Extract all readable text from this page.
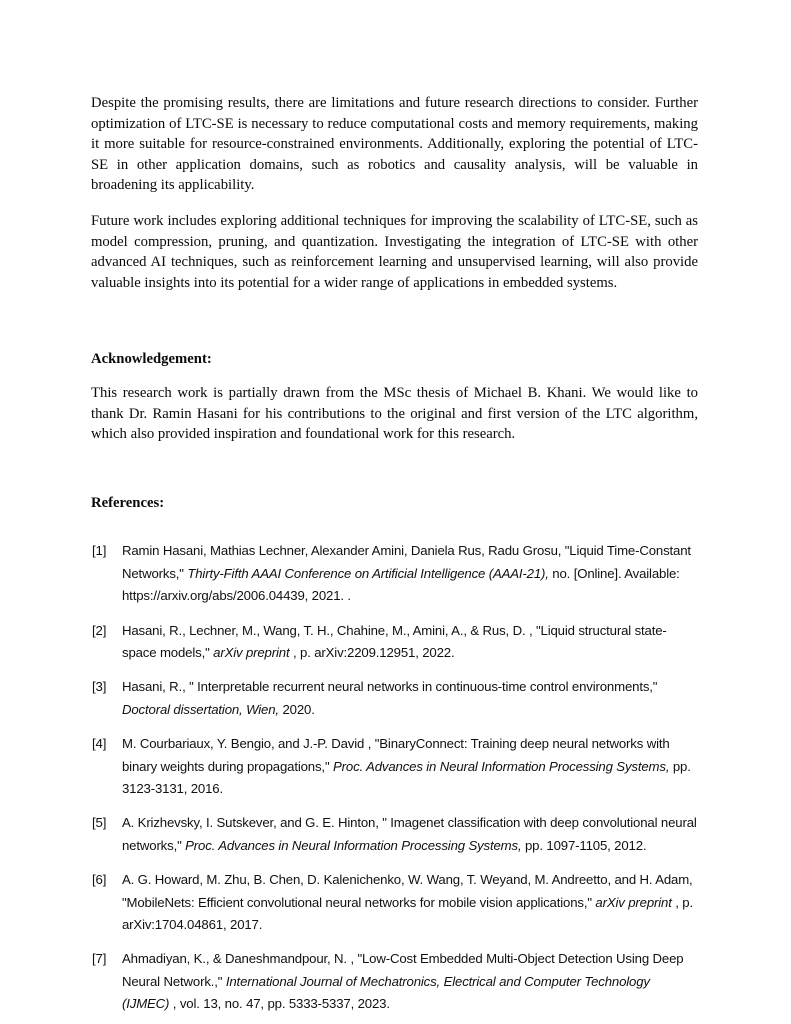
Despite the promising results, there are limitations and future research directions to consider. Further optimization of LTC-SE is necessary to reduce computational costs and memory requirements, making it more suitable for resource-constrained environments. Additionally, exploring the potential of LTC-SE in other application domains, such as robotics and causality analysis, will be valuable in broadening its applicability.

Future work includes exploring additional techniques for improving the scalability of LTC-SE, such as model compression, pruning, and quantization. Investigating the integration of LTC-SE with other advanced AI techniques, such as reinforcement learning and unsupervised learning, will also provide valuable insights into its potential for a wider range of applications in embedded systems.

Acknowledgement:

This research work is partially drawn from the MSc thesis of Michael B. Khani. We would like to thank Dr. Ramin Hasani for his contributions to the original and first version of the LTC algorithm, which also provided inspiration and foundational work for this research.

References:
[1]	Ramin Hasani, Mathias Lechner, Alexander Amini, Daniela Rus, Radu Grosu, "Liquid Time-Constant Networks," Thirty-Fifth AAAI Conference on Artificial Intelligence (AAAI-21), no. [Online]. Available: https://arxiv.org/abs/2006.04439, 2021. .
[2]	Hasani, R., Lechner, M., Wang, T. H., Chahine, M., Amini, A., & Rus, D. , "Liquid structural state-space models," arXiv preprint , p. arXiv:2209.12951, 2022.
[3]	Hasani, R., " Interpretable recurrent neural networks in continuous-time control environments," Doctoral dissertation, Wien, 2020.
[4]	M. Courbariaux, Y. Bengio, and J.-P. David , "BinaryConnect: Training deep neural networks with binary weights during propagations," Proc. Advances in Neural Information Processing Systems, pp. 3123-3131, 2016.
[5]	A. Krizhevsky, I. Sutskever, and G. E. Hinton, " Imagenet classification with deep convolutional neural networks," Proc. Advances in Neural Information Processing Systems, pp. 1097-1105, 2012.
[6]	A. G. Howard, M. Zhu, B. Chen, D. Kalenichenko, W. Wang, T. Weyand, M. Andreetto, and H. Adam, "MobileNets: Efficient convolutional neural networks for mobile vision applications," arXiv preprint , p. arXiv:1704.04861, 2017.
[7]	Ahmadiyan, K., & Daneshmandpour, N. , "Low-Cost Embedded Multi-Object Detection Using Deep Neural Network.," International Journal of Mechatronics, Electrical and Computer Technology (IJMEC) , vol. 13, no. 47, pp. 5333-5337, 2023.
